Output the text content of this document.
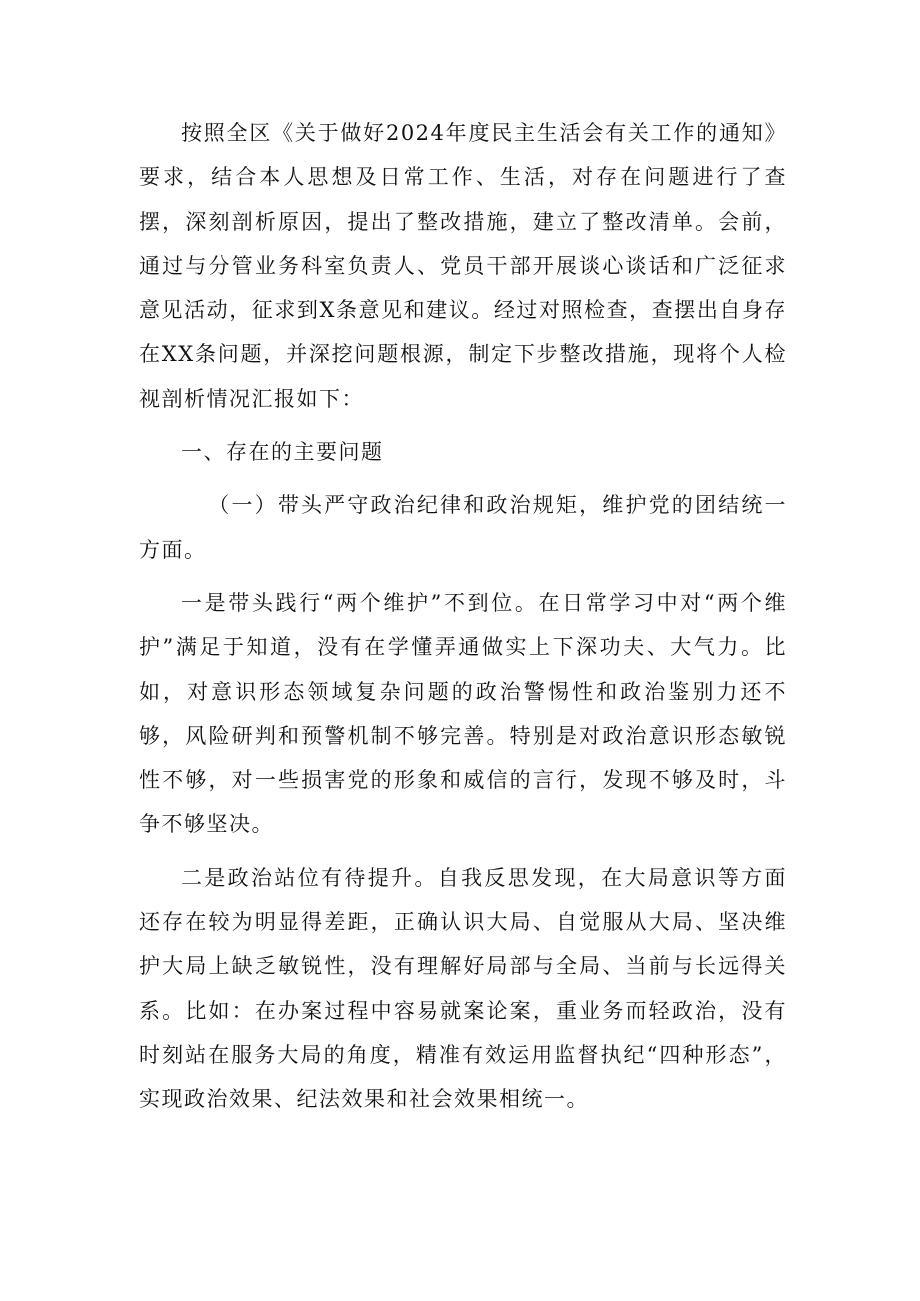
按照全区《关于做好2024年度民主生活会有关工作的通知》要求，结合本人思想及日常工作、生活，对存在问题进行了查摆，深刻剖析原因，提出了整改措施，建立了整改清单。会前，通过与分管业务科室负责人、党员干部开展谈心谈话和广泛征求意见活动，征求到X条意见和建议。经过对照检查，查摆出自身存在XX条问题，并深挖问题根源，制定下步整改措施，现将个人检视剖析情况汇报如下：

一、存在的主要问题

（一）带头严守政治纪律和政治规矩，维护党的团结统一方面。

一是带头践行“两个维护”不到位。在日常学习中对“两个维护”满足于知道，没有在学懂弄通做实上下深功夫、大气力。比如，对意识形态领域复杂问题的政治警惕性和政治鉴别力还不够，风险研判和预警机制不够完善。特别是对政治意识形态敏锐性不够，对一些损害党的形象和威信的言行，发现不够及时，斗争不够坚决。

二是政治站位有待提升。自我反思发现，在大局意识等方面还存在较为明显得差距，正确认识大局、自觉服从大局、坚决维护大局上缺乏敏锐性，没有理解好局部与全局、当前与长远得关系。比如：在办案过程中容易就案论案，重业务而轻政治，没有时刻站在服务大局的角度，精准有效运用监督执纪“四种形态”，实现政治效果、纪法效果和社会效果相统一。
